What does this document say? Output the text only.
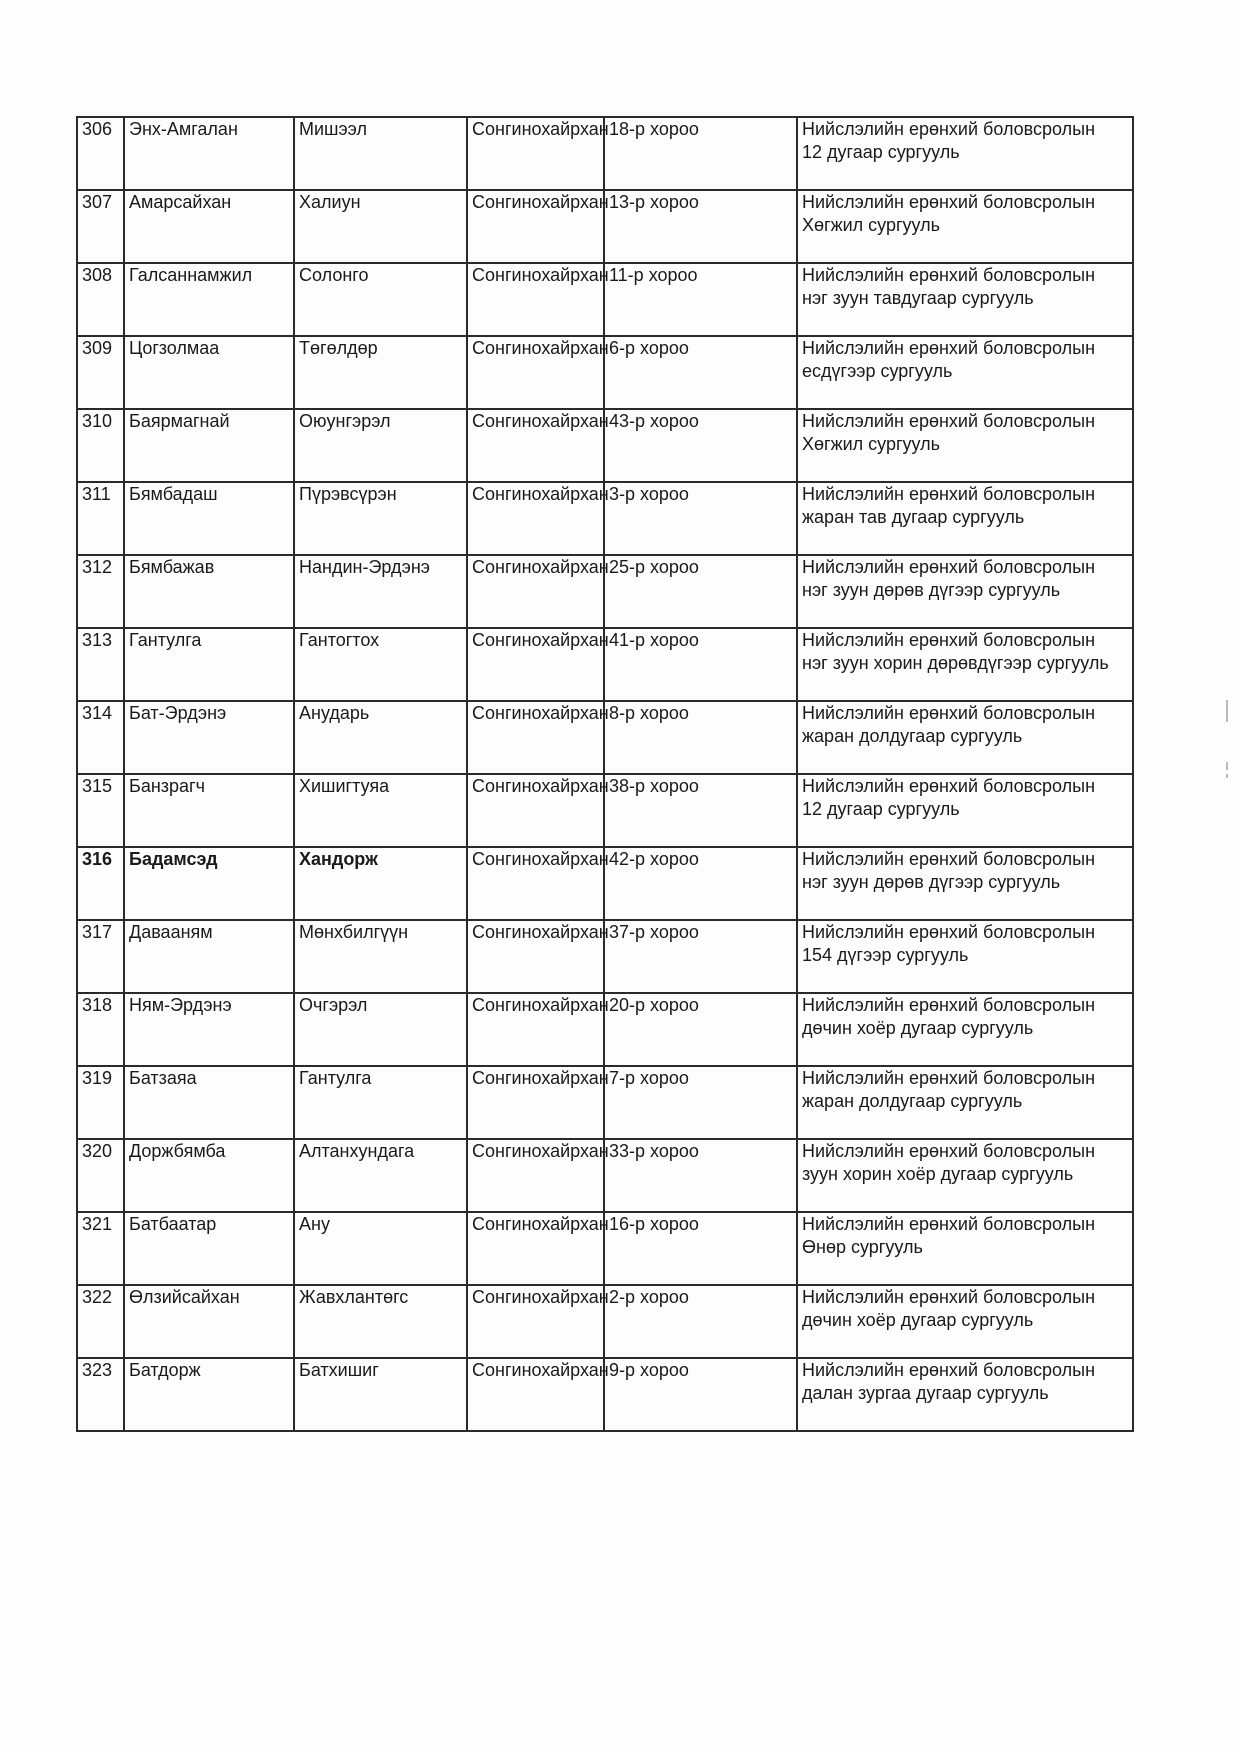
306	Энх-Амгалан	Мишээл	Сонгинохайрхан	18-р хороо	Нийслэлийн ерөнхий боловсролын
12 дугаар сургууль

307	Амарсайхан	Халиун	Сонгинохайрхан	13-р хороо	Нийслэлийн ерөнхий боловсролын
Хөгжил сургууль

308	Галсаннамжил	Солонго	Сонгинохайрхан	11-р хороо	Нийслэлийн ерөнхий боловсролын
нэг зуун тавдугаар сургууль

309	Цогзолмаа	Төгөлдөр	Сонгинохайрхан	6-р хороо	Нийслэлийн ерөнхий боловсролын
есдүгээр сургууль

310	Баярмагнай	Оюунгэрэл	Сонгинохайрхан	43-р хороо	Нийслэлийн ерөнхий боловсролын
Хөгжил сургууль

311	Бямбадаш	Пүрэвсүрэн	Сонгинохайрхан	3-р хороо	Нийслэлийн ерөнхий боловсролын
жаран тав дугаар сургууль

312	Бямбажав	Нандин-Эрдэнэ	Сонгинохайрхан	25-р хороо	Нийслэлийн ерөнхий боловсролын
нэг зуун дөрөв дүгээр сургууль

313	Гантулга	Гантогтох	Сонгинохайрхан	41-р хороо	Нийслэлийн ерөнхий боловсролын
нэг зуун хорин дөрөвдүгээр сургууль

314	Бат-Эрдэнэ	Анударь	Сонгинохайрхан	8-р хороо	Нийслэлийн ерөнхий боловсролын
жаран долдугаар сургууль

315	Банзрагч	Хишигтуяа	Сонгинохайрхан	38-р хороо	Нийслэлийн ерөнхий боловсролын
12 дугаар сургууль

316	Бадамсэд	Хандорж	Сонгинохайрхан	42-р хороо	Нийслэлийн ерөнхий боловсролын
нэг зуун дөрөв дүгээр сургууль

317	Давааням	Мөнхбилгүүн	Сонгинохайрхан	37-р хороо	Нийслэлийн ерөнхий боловсролын
154 дүгээр сургууль

318	Ням-Эрдэнэ	Очгэрэл	Сонгинохайрхан	20-р хороо	Нийслэлийн ерөнхий боловсролын
дөчин хоёр дугаар сургууль

319	Батзаяа	Гантулга	Сонгинохайрхан	7-р хороо	Нийслэлийн ерөнхий боловсролын
жаран долдугаар сургууль

320	Доржбямба	Алтанхундага	Сонгинохайрхан	33-р хороо	Нийслэлийн ерөнхий боловсролын
зуун хорин хоёр дугаар сургууль

321	Батбаатар	Ану	Сонгинохайрхан	16-р хороо	Нийслэлийн ерөнхий боловсролын
Өнөр сургууль

322	Өлзийсайхан	Жавхлантөгс	Сонгинохайрхан	2-р хороо	Нийслэлийн ерөнхий боловсролын
дөчин хоёр дугаар сургууль

323	Батдорж	Батхишиг	Сонгинохайрхан	9-р хороо	Нийслэлийн ерөнхий боловсролын
далан зургаа дугаар сургууль
